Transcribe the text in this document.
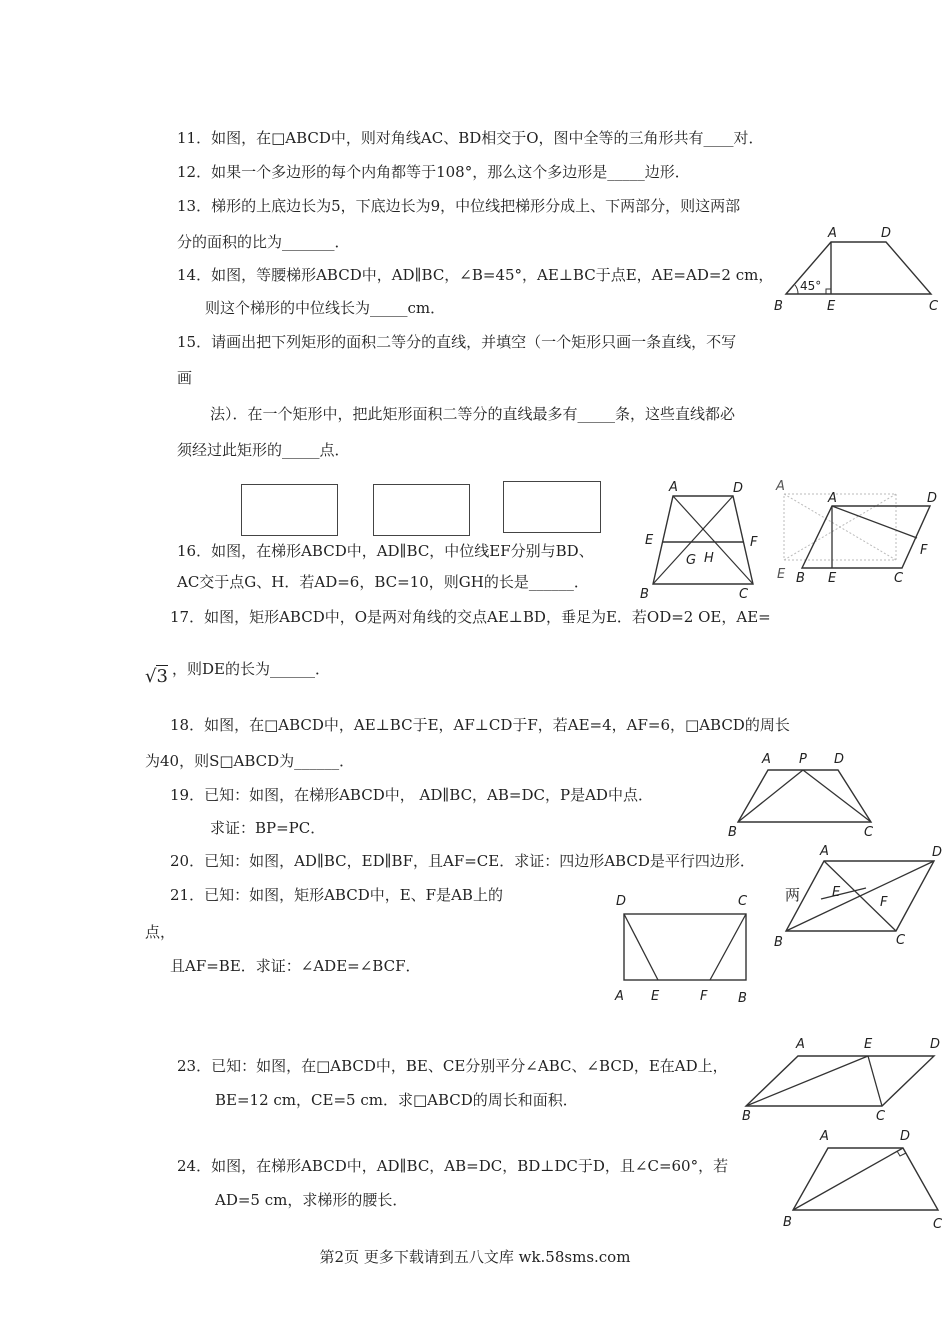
11．如图，在□ABCD中，则对角线AC、BD相交于O，图中全等的三角形共有____对．
12．如果一个多边形的每个内角都等于108°，那么这个多边形是_____边形．
13．梯形的上底边长为5，下底边长为9，中位线把梯形分成上、下两部分，则这两部
分的面积的比为_______．
14．如图，等腰梯形ABCD中，AD∥BC，∠B=45°，AE⊥BC于点E，AE=AD=2 cm，
则这个梯形的中位线长为_____cm．
15．请画出把下列矩形的面积二等分的直线，并填空（一个矩形只画一条直线，不写
画
法）．在一个矩形中，把此矩形面积二等分的直线最多有_____条，这些直线都必
须经过此矩形的_____点．
16．如图，在梯形ABCD中，AD∥BC，中位线EF分别与BD、
AC交于点G、H．若AD=6，BC=10，则GH的长是______．
17．如图，矩形ABCD中，O是两对角线的交点AE⊥BD，垂足为E．若OD=2 OE，AE=
√3 ，则DE的长为______．
18．如图，在□ABCD中，AE⊥BC于E，AF⊥CD于F，若AE=4，AF=6，□ABCD的周长
为40，则S□ABCD为______．
19．已知：如图，在梯形ABCD中， AD∥BC，AB=DC，P是AD中点．
求证：BP=PC．
20．已知：如图，AD∥BC，ED∥BF，且AF=CE．求证：四边形ABCD是平行四边形．
21．已知：如图，矩形ABCD中，E、F是AB上的	两
点，
且AF=BE．求证：∠ADE=∠BCF．
23．已知：如图，在□ABCD中，BE、CE分别平分∠ABC、∠BCD，E在AD上，
BE=12 cm，CE=5 cm．求□ABCD的周长和面积．
24．如图，在梯形ABCD中，AD∥BC，AB=DC，BD⊥DC于D，且∠C=60°，若
AD=5 cm，求梯形的腰长．
A	D
B	E	C
45°
A	D
E	F
G H
B	C
A
E
A	D
F
B E	C
A P D
B	C
A	D
E
F
B	C
D	C
A E	F B
A	E	D
B	C
A	D
B	C
第2页 更多下载请到五八文库 wk.58sms.com
